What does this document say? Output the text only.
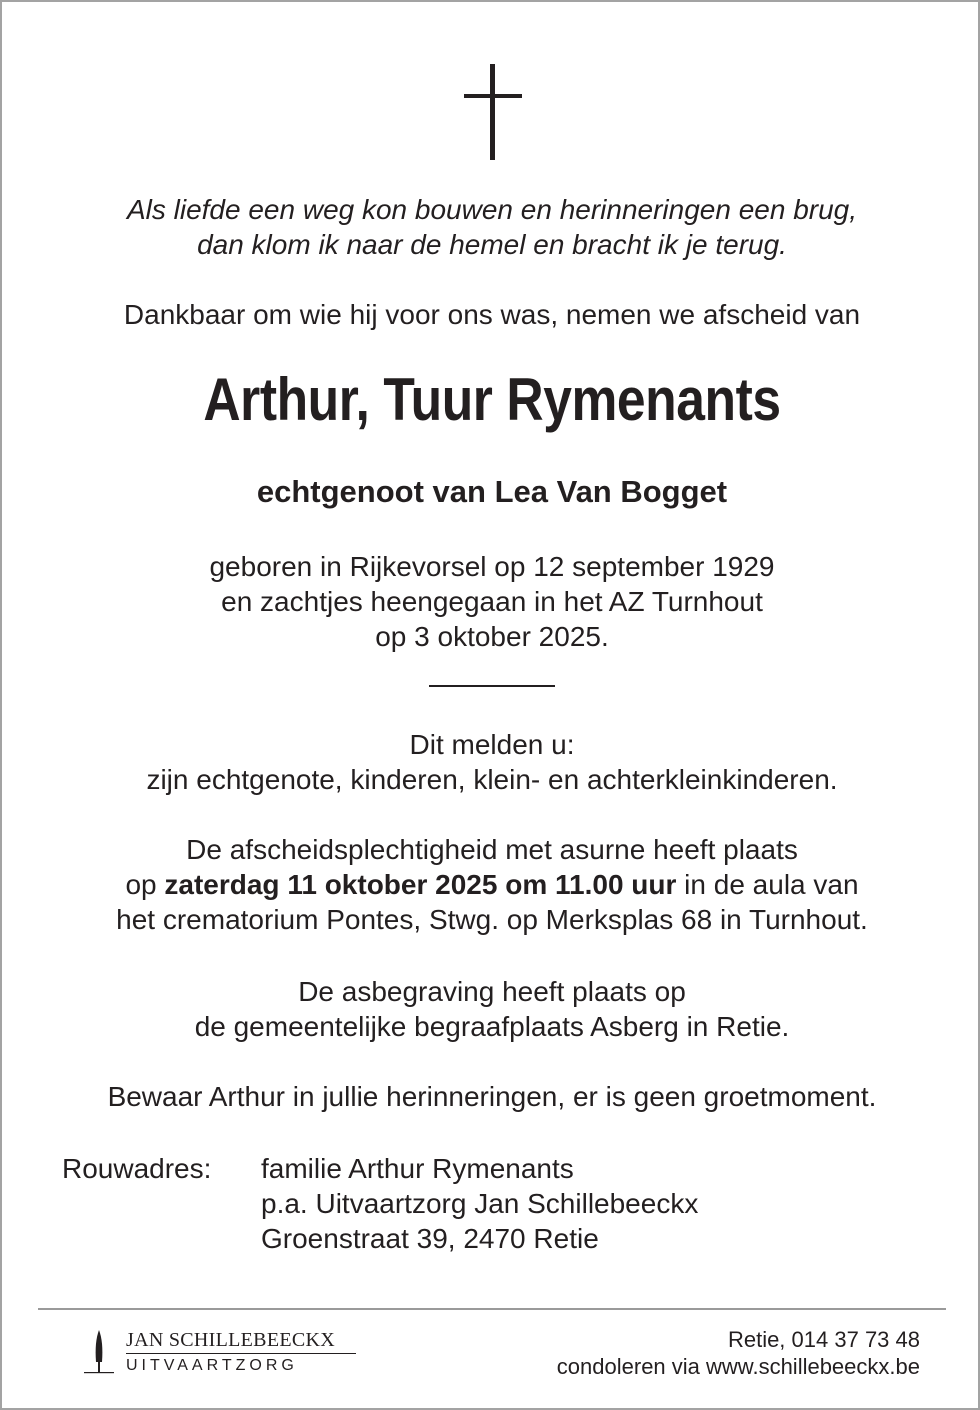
Als liefde een weg kon bouwen en herinneringen een brug,
dan klom ik naar de hemel en bracht ik je terug.
Dankbaar om wie hij voor ons was, nemen we afscheid van
Arthur, Tuur Rymenants
echtgenoot van Lea Van Bogget
geboren in Rijkevorsel op 12 september 1929
en zachtjes heengegaan in het AZ Turnhout
op 3 oktober 2025.
Dit melden u:
zijn echtgenote, kinderen, klein- en achterkleinkinderen.
De afscheidsplechtigheid met asurne heeft plaats
op zaterdag 11 oktober 2025 om 11.00 uur in de aula van
het crematorium Pontes, Stwg. op Merksplas 68 in Turnhout.
De asbegraving heeft plaats op
de gemeentelijke begraafplaats Asberg in Retie.
Bewaar Arthur in jullie herinneringen, er is geen groetmoment.
Rouwadres: familie Arthur Rymenants
p.a. Uitvaartzorg Jan Schillebeeckx
Groenstraat 39, 2470 Retie
JAN SCHILLEBEECKX
UITVAARTZORG
Retie, 014 37 73 48
condoleren via www.schillebeeckx.be
